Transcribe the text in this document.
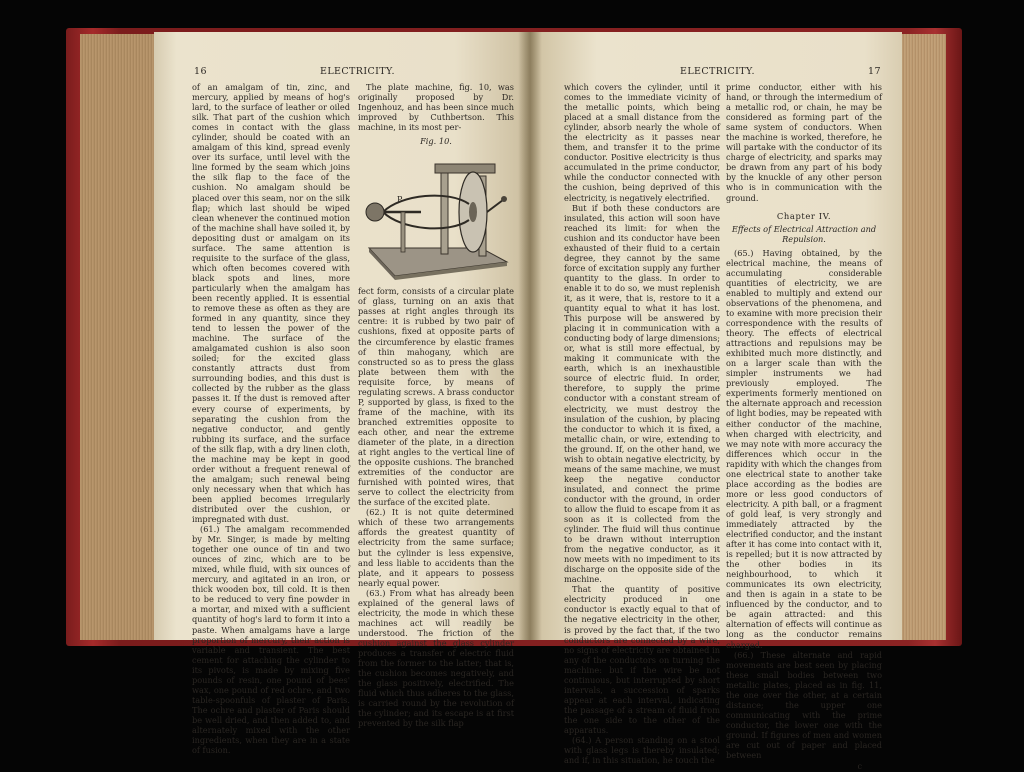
16	ELECTRICITY.

of an amalgam of tin, zinc, and mercury, applied by means of hog's lard, to the surface of leather or oiled silk. That part of the cushion which comes in contact with the glass cylinder, should be coated with an amalgam of this kind, spread evenly over its surface, until level with the line formed by the seam which joins the silk flap to the face of the cushion. No amalgam should be placed over this seam, nor on the silk flap; which last should be wiped clean whenever the continued motion of the machine shall have soiled it, by depositing dust or amalgam on its surface. The same attention is requisite to the surface of the glass, which often becomes covered with black spots and lines, more particularly when the amalgam has been recently applied. It is essential to remove these as often as they are formed in any quantity, since they tend to lessen the power of the machine. The surface of the amalgamated cushion is also soon soiled; for the excited glass constantly attracts dust from surrounding bodies, and this dust is collected by the rubber as the glass passes it. If the dust is removed after every course of experiments, by separating the cushion from the negative conductor, and gently rubbing its surface, and the surface of the silk flap, with a dry linen cloth, the machine may be kept in good order without a frequent renewal of the amalgam; such renewal being only necessary when that which has been applied becomes irregularly distributed over the cushion, or impregnated with dust.

(61.) The amalgam recommended by Mr. Singer, is made by melting together one ounce of tin and two ounces of zinc, which are to be mixed, while fluid, with six ounces of mercury, and agitated in an iron, or thick wooden box, till cold. It is then to be reduced to very fine powder in a mortar, and mixed with a sufficient quantity of hog's lard to form it into a paste. When amalgams have a large proportion of mercury, their action is variable and transient. The best cement for attaching the cylinder to its pivots, is made by mixing five pounds of resin, one pound of bees' wax, one pound of red ochre, and two table-spoonfuls of plaster of Paris. The ochre and plaster of Paris should be well dried, and then added to, and alternately mixed with the other ingredients, when they are in a state of fusion.

The plate machine, fig. 10, was originally proposed by Dr. Ingenhouz, and has been since much improved by Cuthbertson. This machine, in its most per-

Fig. 10.
P

fect form, consists of a circular plate of glass, turning on an axis that passes at right angles through its centre: it is rubbed by two pair of cushions, fixed at opposite parts of the circumference by elastic frames of thin mahogany, which are constructed so as to press the glass plate between them with the requisite force, by means of regulating screws. A brass conductor P, supported by glass, is fixed to the frame of the machine, with its branched extremities opposite to each other, and near the extreme diameter of the plate, in a direction at right angles to the vertical line of the opposite cushions. The branched extremities of the conductor are furnished with pointed wires, that serve to collect the electricity from the surface of the excited plate.

(62.) It is not quite determined which of these two arrangements affords the greatest quantity of electricity from the same surface; but the cylinder is less expensive, and less liable to accidents than the plate, and it appears to possess nearly equal power.

(63.) From what has already been explained of the general laws of electricity, the mode in which these machines act will readily be understood. The friction of the cushion against the glass cylinder produces a transfer of electric fluid from the former to the latter; that is, the cushion becomes negatively, and the glass positively, electrified. The fluid which thus adheres to the glass, is carried round by the revolution of the cylinder; and its escape is at first prevented by the silk flap

ELECTRICITY.	17

which covers the cylinder, until it comes to the immediate vicinity of the metallic points, which being placed at a small distance from the cylinder, absorb nearly the whole of the electricity as it passes near them, and transfer it to the prime conductor. Positive electricity is thus accumulated in the prime conductor, while the conductor connected with the cushion, being deprived of this electricity, is negatively electrified.

But if both these conductors are insulated, this action will soon have reached its limit: for when the cushion and its conductor have been exhausted of their fluid to a certain degree, they cannot by the same force of excitation supply any further quantity to the glass. In order to enable it to do so, we must replenish it, as it were, that is, restore to it a quantity equal to what it has lost. This purpose will be answered by placing it in communication with a conducting body of large dimensions; or, what is still more effectual, by making it communicate with the earth, which is an inexhaustible source of electric fluid. In order, therefore, to supply the prime conductor with a constant stream of electricity, we must destroy the insulation of the cushion, by placing the conductor to which it is fixed, a metallic chain, or wire, extending to the ground. If, on the other hand, we wish to obtain negative electricity, by means of the same machine, we must keep the negative conductor insulated, and connect the prime conductor with the ground, in order to allow the fluid to escape from it as soon as it is collected from the cylinder. The fluid will thus continue to be drawn without interruption from the negative conductor, as it now meets with no impediment to its discharge on the opposite side of the machine.

That the quantity of positive electricity produced in one conductor is exactly equal to that of the negative electricity in the other, is proved by the fact that, if the two conductors are connected by a wire, no signs of electricity are obtained in any of the conductors on turning the machine: but if the wire be not continuous, but interrupted by short intervals, a succession of sparks appear at each interval, indicating the passage of a stream of fluid from the one side to the other of the apparatus.

(64.) A person standing on a stool with glass legs is thereby insulated; and if, in this situation, he touch the

prime conductor, either with his hand, or through the intermedium of a metallic rod, or chain, he may be considered as forming part of the same system of conductors. When the machine is worked, therefore, he will partake with the conductor of its charge of electricity, and sparks may be drawn from any part of his body by the knuckle of any other person who is in communication with the ground.

Chapter IV.
Effects of Electrical Attraction and Repulsion.

(65.) Having obtained, by the electrical machine, the means of accumulating considerable quantities of electricity, we are enabled to multiply and extend our observations of the phenomena, and to examine with more precision their correspondence with the results of theory. The effects of electrical attractions and repulsions may be exhibited much more distinctly, and on a larger scale than with the simpler instruments we had previously employed. The experiments formerly mentioned on the alternate approach and recession of light bodies, may be repeated with either conductor of the machine, when charged with electricity, and we may note with more accuracy the differences which occur in the rapidity with which the changes from one electrical state to another take place according as the bodies are more or less good conductors of electricity. A pith ball, or a fragment of gold leaf, is very strongly and immediately attracted by the electrified conductor, and the instant after it has come into contact with it, is repelled; but it is now attracted by the other bodies in its neighbourhood, to which it communicates its own electricity, and then is again in a state to be influenced by the conductor, and to be again attracted: and this alternation of effects will continue as long as the conductor remains charged.

(66.) These alternate and rapid movements are best seen by placing these small bodies between two metallic plates, placed as in fig. 11, the one over the other, at a certain distance; the upper one communicating with the prime conductor, the lower one with the ground. If figures of men and women are cut out of paper and placed between

c
